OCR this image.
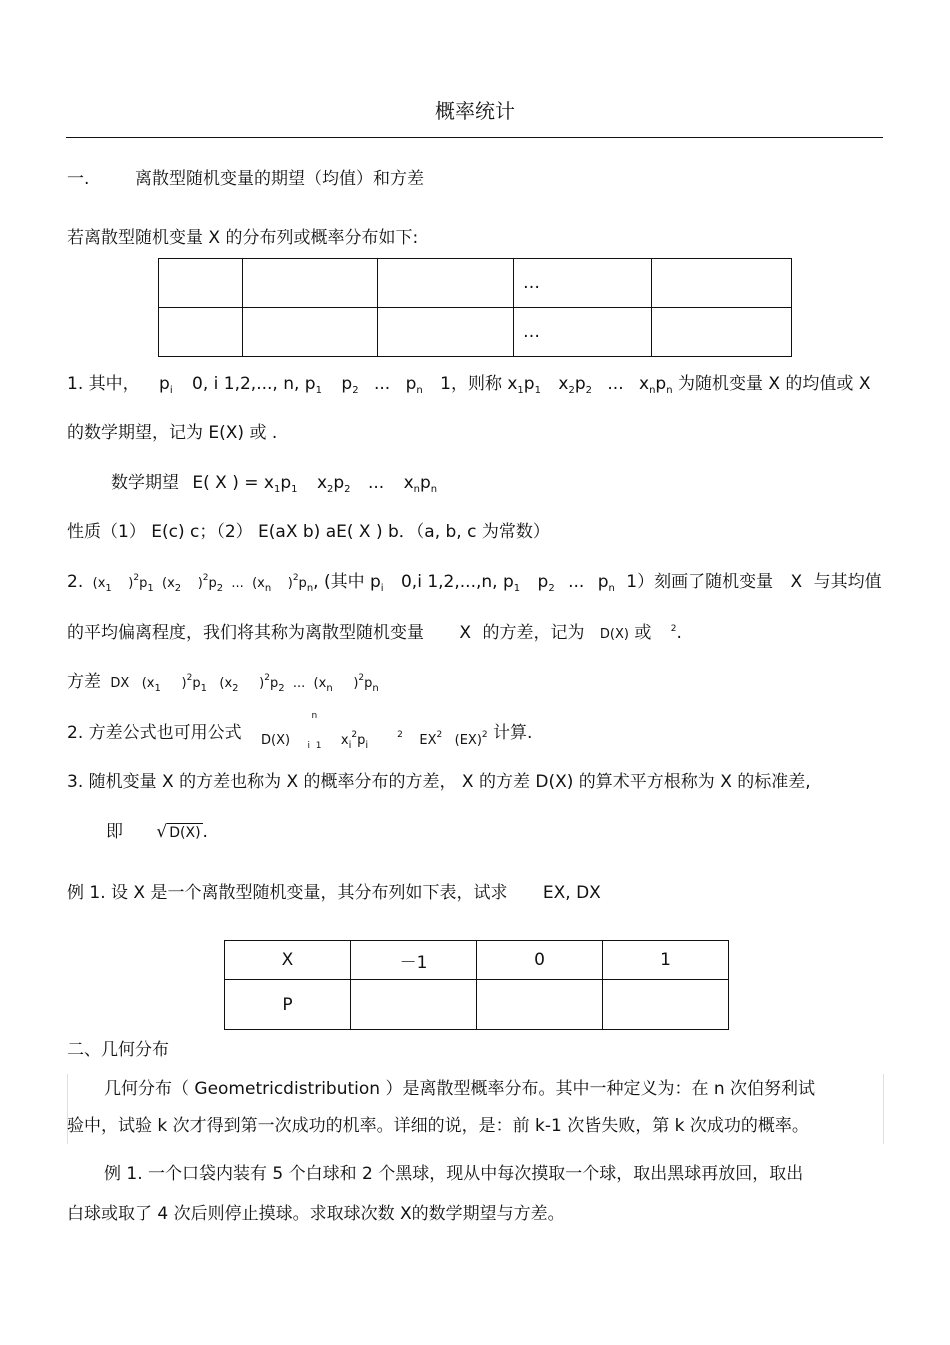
概率统计
一.	离散型随机变量的期望（均值）和方差
若离散型随机变量 X 的分布列或概率分布如下:
			…	
			…	
1. 其中， $p_i$ 0, i 1,2,..., n, $p_1$ $p_2$ ... $p_n$ 1，则称 $x_1p_1$ $x_2p_2$ ... $x_np_n$ 为随机变量 X 的均值或 X
的数学期望，记为 E(X) 或 .
数学期望 E( X ) = $x_1p_1$ $x_2p_2$ ... $x_np_n$
性质（1） E(c) c；（2） E(aX b) aE( X ) b．（a, b, c 为常数）
2. ($x_1$    )$^2p_1$  ($x_2$    )$^2p_2$  ...  ($x_n$    )$^2p_n$, (其中 $p_i$ 0,i 1,2,...,n, $p_1$ $p_2$ ... $p_n$ 1）刻画了随机变量 X 与其均值
的平均偏离程度，我们将其称为离散型随机变量 X 的方差，记为 D(X) 或 $^2$.
方差 DX   ($x_1$     )$^2p_1$   ($x_2$     )$^2p_2$  ...  ($x_n$     )$^2p_n$
2. 方差公式也可用公式 $_{D(X)}$
n
i  1 $_{x_i^2p_i ^2 EX^2 (EX)^2}$ 计算.
3. 随机变量 X 的方差也称为 X 的概率分布的方差， X 的方差 D(X) 的算术平方根称为 X 的标准差,
即 √ D(X) .
例 1. 设 X 是一个离散型随机变量，其分布列如下表，试求 EX, DX
X	－1	0	1
P			
二、几何分布
几何分布（ Geometricdistribution ）是离散型概率分布。其中一种定义为：在 n 次伯努利试
验中，试验 k 次才得到第一次成功的机率。详细的说，是：前 k-1 次皆失败，第 k 次成功的概率。
例 1. 一个口袋内装有 5 个白球和 2 个黑球，现从中每次摸取一个球，取出黑球再放回，取出
白球或取了 4 次后则停止摸球。求取球次数 X的数学期望与方差。
